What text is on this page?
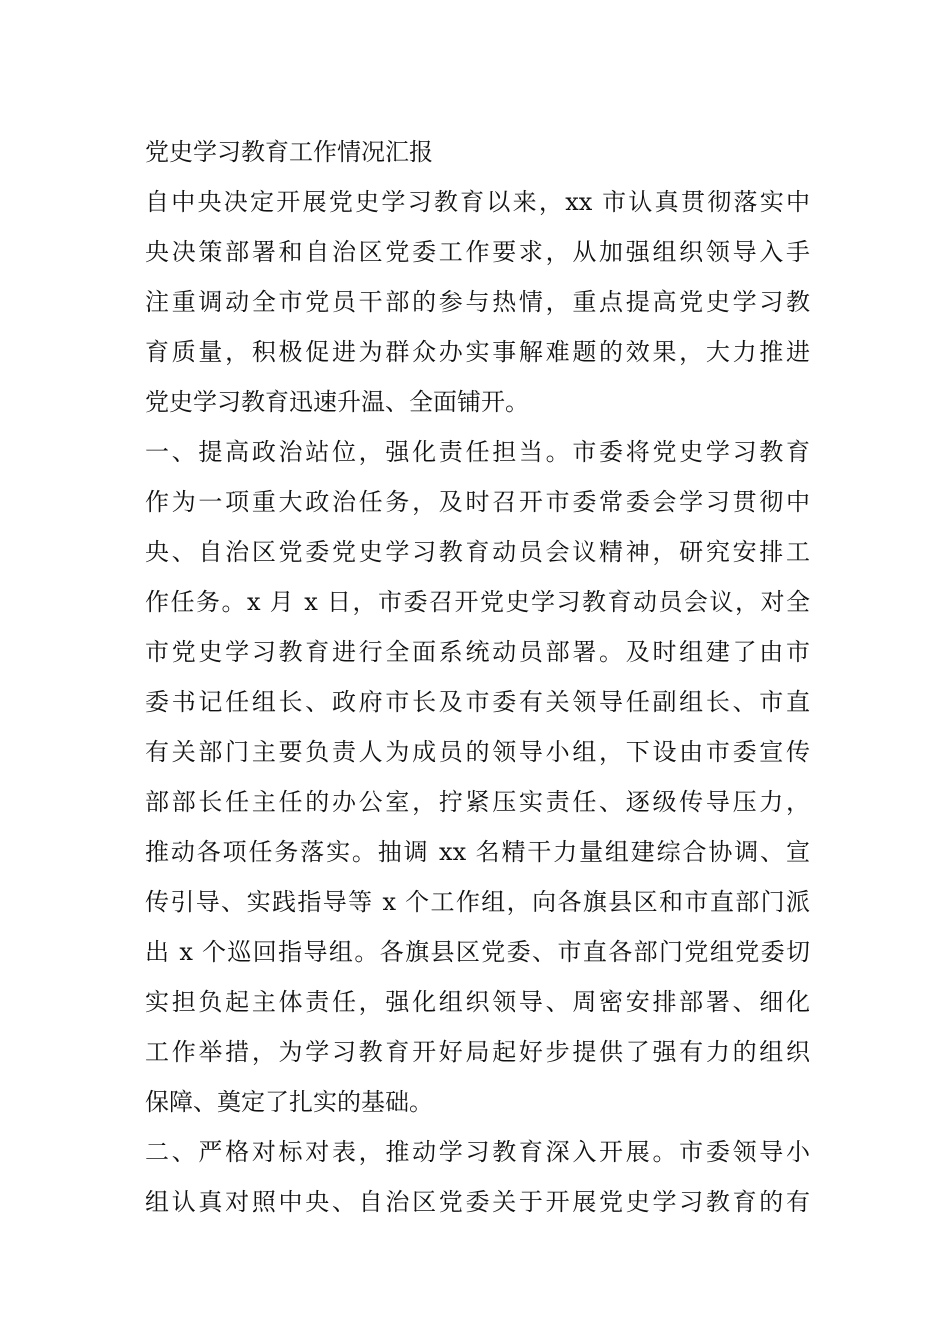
党史学习教育工作情况汇报
自中央决定开展党史学习教育以来，xx 市认真贯彻落实中
央决策部署和自治区党委工作要求，从加强组织领导入手
注重调动全市党员干部的参与热情，重点提高党史学习教
育质量，积极促进为群众办实事解难题的效果，大力推进
党史学习教育迅速升温、全面铺开。
一、提高政治站位，强化责任担当。市委将党史学习教育
作为一项重大政治任务，及时召开市委常委会学习贯彻中
央、自治区党委党史学习教育动员会议精神，研究安排工
作任务。x 月 x 日，市委召开党史学习教育动员会议，对全
市党史学习教育进行全面系统动员部署。及时组建了由市
委书记任组长、政府市长及市委有关领导任副组长、市直
有关部门主要负责人为成员的领导小组，下设由市委宣传
部部长任主任的办公室，拧紧压实责任、逐级传导压力，
推动各项任务落实。抽调 xx 名精干力量组建综合协调、宣
传引导、实践指导等 x 个工作组，向各旗县区和市直部门派
出 x 个巡回指导组。各旗县区党委、市直各部门党组党委切
实担负起主体责任，强化组织领导、周密安排部署、细化
工作举措，为学习教育开好局起好步提供了强有力的组织
保障、奠定了扎实的基础。
二、严格对标对表，推动学习教育深入开展。市委领导小
组认真对照中央、自治区党委关于开展党史学习教育的有
